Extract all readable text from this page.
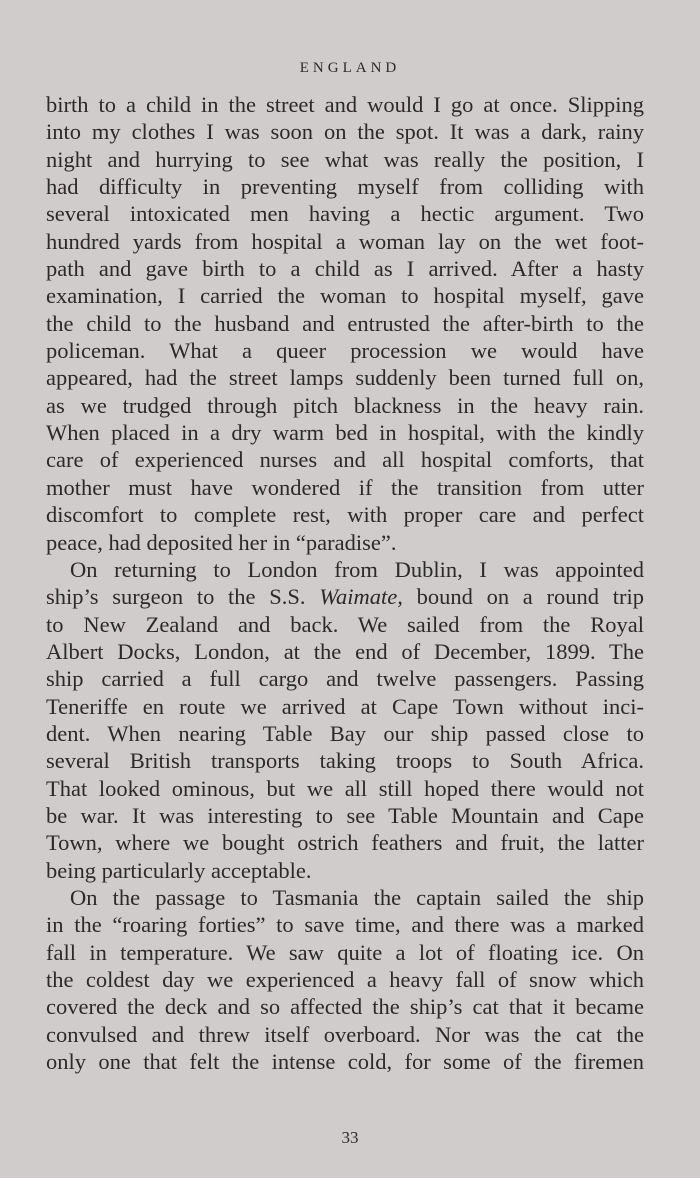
ENGLAND
birth to a child in the street and would I go at once. Slipping
into my clothes I was soon on the spot. It was a dark, rainy
night and hurrying to see what was really the position, I
had difficulty in preventing myself from colliding with
several intoxicated men having a hectic argument. Two
hundred yards from hospital a woman lay on the wet foot-
path and gave birth to a child as I arrived. After a hasty
examination, I carried the woman to hospital myself, gave
the child to the husband and entrusted the after-birth to the
policeman. What a queer procession we would have
appeared, had the street lamps suddenly been turned full on,
as we trudged through pitch blackness in the heavy rain.
When placed in a dry warm bed in hospital, with the kindly
care of experienced nurses and all hospital comforts, that
mother must have wondered if the transition from utter
discomfort to complete rest, with proper care and perfect
peace, had deposited her in “paradise”.
On returning to London from Dublin, I was appointed
ship’s surgeon to the S.S. Waimate, bound on a round trip
to New Zealand and back. We sailed from the Royal
Albert Docks, London, at the end of December, 1899. The
ship carried a full cargo and twelve passengers. Passing
Teneriffe en route we arrived at Cape Town without inci-
dent. When nearing Table Bay our ship passed close to
several British transports taking troops to South Africa.
That looked ominous, but we all still hoped there would not
be war. It was interesting to see Table Mountain and Cape
Town, where we bought ostrich feathers and fruit, the latter
being particularly acceptable.
On the passage to Tasmania the captain sailed the ship
in the “roaring forties” to save time, and there was a marked
fall in temperature. We saw quite a lot of floating ice. On
the coldest day we experienced a heavy fall of snow which
covered the deck and so affected the ship’s cat that it became
convulsed and threw itself overboard. Nor was the cat the
only one that felt the intense cold, for some of the firemen
33
